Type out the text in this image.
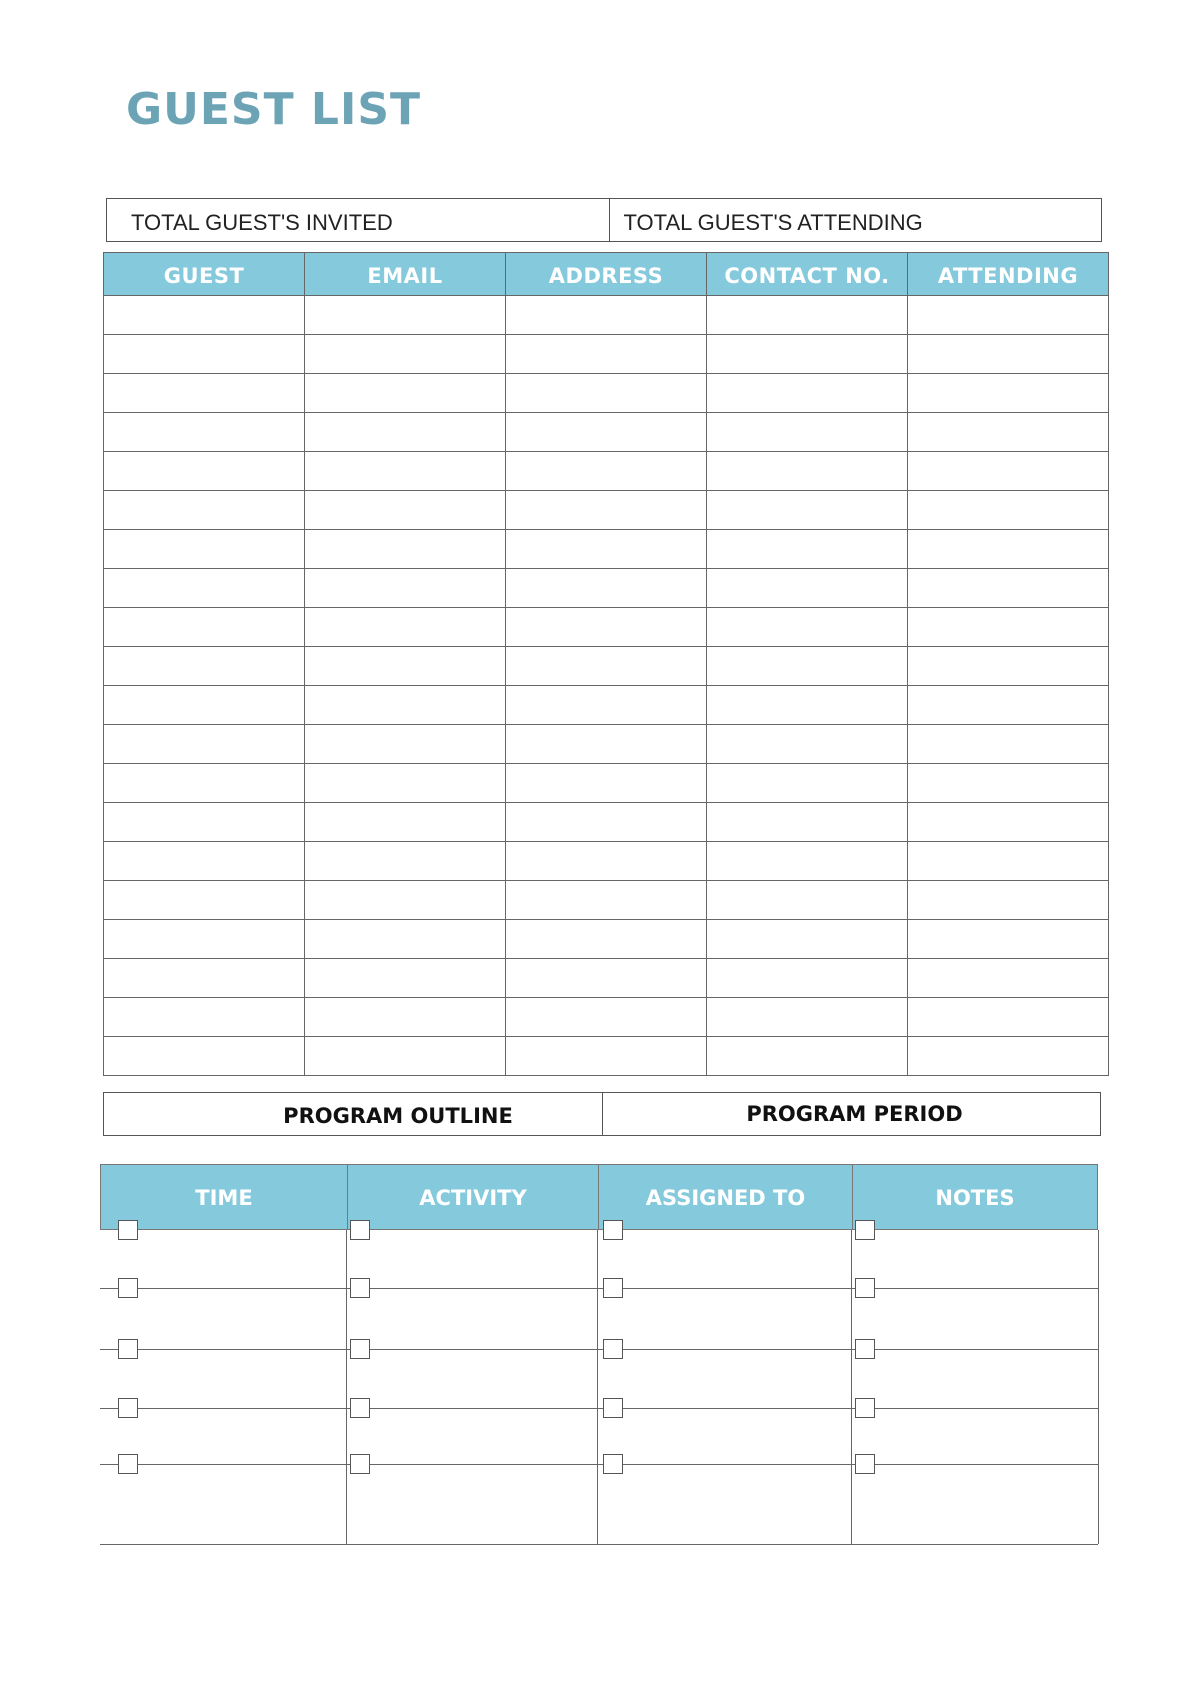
GUEST LIST
TOTAL GUEST'S INVITED	TOTAL GUEST'S ATTENDING
GUEST	EMAIL	ADDRESS	CONTACT NO.	ATTENDING

PROGRAM OUTLINE	PROGRAM PERIOD
TIME	ACTIVITY	ASSIGNED TO	NOTES
